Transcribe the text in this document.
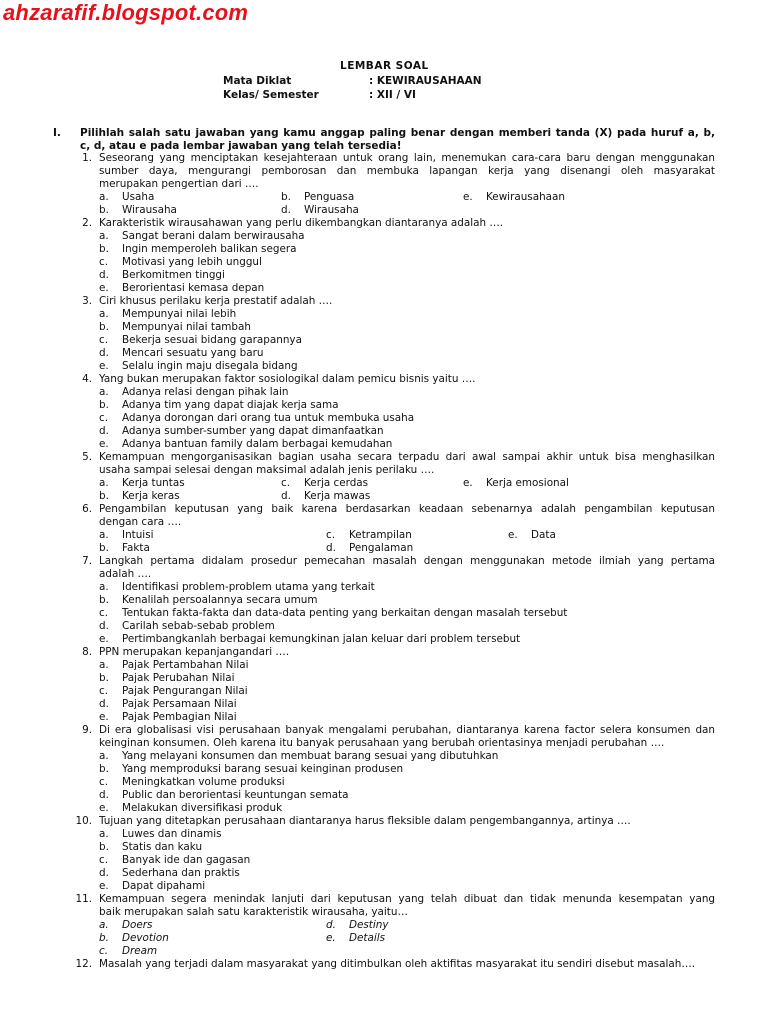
ahzarafif.blogspot.com
LEMBAR SOAL
Mata Diklat	: KEWIRAUSAHAAN
Kelas/ Semester	: XII / VI
I. Pilihlah salah satu jawaban yang kamu anggap paling benar dengan memberi tanda (X) pada huruf a, b,
c, d, atau e pada lembar jawaban yang telah tersedia!
1. Seseorang yang menciptakan kesejahteraan untuk orang lain, menemukan cara-cara baru dengan menggunakan
sumber daya, mengurangi pemborosan dan membuka lapangan kerja yang disenangi oleh masyarakat
merupakan pengertian dari ….
a. Usaha	b. Penguasa	e. Kewirausahaan
b. Wirausaha	d. Wirausaha
2. Karakteristik wirausahawan yang perlu dikembangkan diantaranya adalah ….
a. Sangat berani dalam berwirausaha
b. Ingin memperoleh balikan segera
c. Motivasi yang lebih unggul
d. Berkomitmen tinggi
e. Berorientasi kemasa depan
3. Ciri khusus perilaku kerja prestatif adalah ….
a. Mempunyai nilai lebih
b. Mempunyai nilai tambah
c. Bekerja sesuai bidang garapannya
d. Mencari sesuatu yang baru
e. Selalu ingin maju disegala bidang
4. Yang bukan merupakan faktor sosiologikal dalam pemicu bisnis yaitu ….
a. Adanya relasi dengan pihak lain
b. Adanya tim yang dapat diajak kerja sama
c. Adanya dorongan dari orang tua untuk membuka usaha
d. Adanya sumber-sumber yang dapat dimanfaatkan
e. Adanya bantuan family dalam berbagai kemudahan
5. Kemampuan mengorganisasikan bagian usaha secara terpadu dari awal sampai akhir untuk bisa menghasilkan
usaha sampai selesai dengan maksimal adalah jenis perilaku ….
a. Kerja tuntas	c. Kerja cerdas	e. Kerja emosional
b. Kerja keras	d. Kerja mawas
6. Pengambilan keputusan yang baik karena berdasarkan keadaan sebenarnya adalah pengambilan keputusan
dengan cara ….
a. Intuisi	c. Ketrampilan	e. Data
b. Fakta	d. Pengalaman
7. Langkah pertama didalam prosedur pemecahan masalah dengan menggunakan metode ilmiah yang pertama
adalah ….
a. Identifikasi problem-problem utama yang terkait
b. Kenalilah persoalannya secara umum
c. Tentukan fakta-fakta dan data-data penting yang berkaitan dengan masalah tersebut
d. Carilah sebab-sebab problem
e. Pertimbangkanlah berbagai kemungkinan jalan keluar dari problem tersebut
8. PPN merupakan kepanjangandari ….
a. Pajak Pertambahan Nilai
b. Pajak Perubahan Nilai
c. Pajak Pengurangan Nilai
d. Pajak Persamaan Nilai
e. Pajak Pembagian Nilai
9. Di era globalisasi visi perusahaan banyak mengalami perubahan, diantaranya karena factor selera konsumen dan
keinginan konsumen. Oleh karena itu banyak perusahaan yang berubah orientasinya menjadi perubahan ….
a. Yang melayani konsumen dan membuat barang sesuai yang dibutuhkan
b. Yang memproduksi barang sesuai keinginan produsen
c. Meningkatkan volume produksi
d. Public dan berorientasi keuntungan semata
e. Melakukan diversifikasi produk
10. Tujuan yang ditetapkan perusahaan diantaranya harus fleksible dalam pengembangannya, artinya ….
a. Luwes dan dinamis
b. Statis dan kaku
c. Banyak ide dan gagasan
d. Sederhana dan praktis
e. Dapat dipahami
11. Kemampuan segera menindak lanjuti dari keputusan yang telah dibuat dan tidak menunda kesempatan yang
baik merupakan salah satu karakteristik wirausaha, yaitu…
a. Doers	d. Destiny
b. Devotion	e. Details
c. Dream
12. Masalah yang terjadi dalam masyarakat yang ditimbulkan oleh aktifitas masyarakat itu sendiri disebut masalah….
